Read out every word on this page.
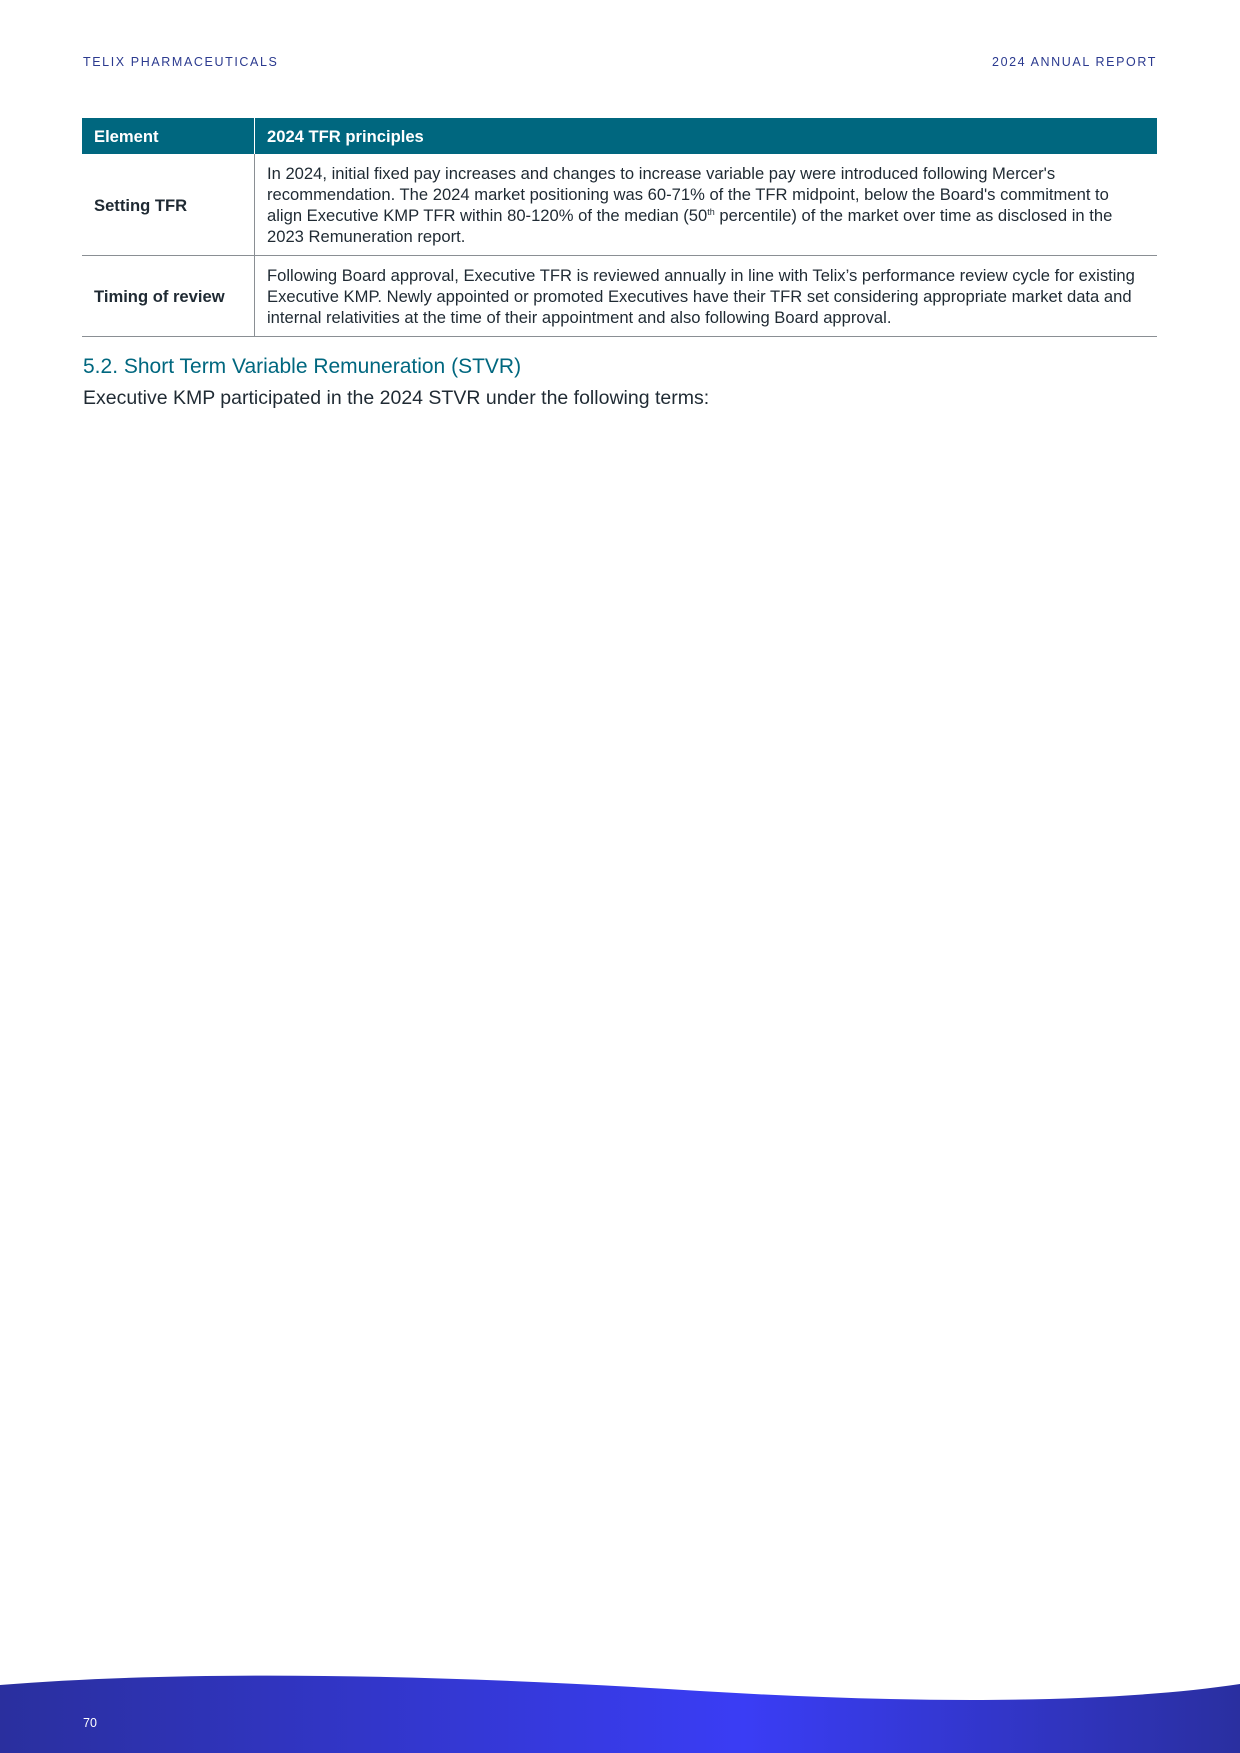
TELIX PHARMACEUTICALS	2024 ANNUAL REPORT
Element	2024 TFR principles
Setting TFR	In 2024, initial fixed pay increases and changes to increase variable pay were introduced following Mercer's recommendation. The 2024 market positioning was 60-71% of the TFR midpoint, below the Board's commitment to align Executive KMP TFR within 80-120% of the median (50th percentile) of the market over time as disclosed in the 2023 Remuneration report.
Timing of review	Following Board approval, Executive TFR is reviewed annually in line with Telix’s performance review cycle for existing Executive KMP. Newly appointed or promoted Executives have their TFR set considering appropriate market data and internal relativities at the time of their appointment and also following Board approval.
5.2. Short Term Variable Remuneration (STVR)

Executive KMP participated in the 2024 STVR under the following terms:

70
